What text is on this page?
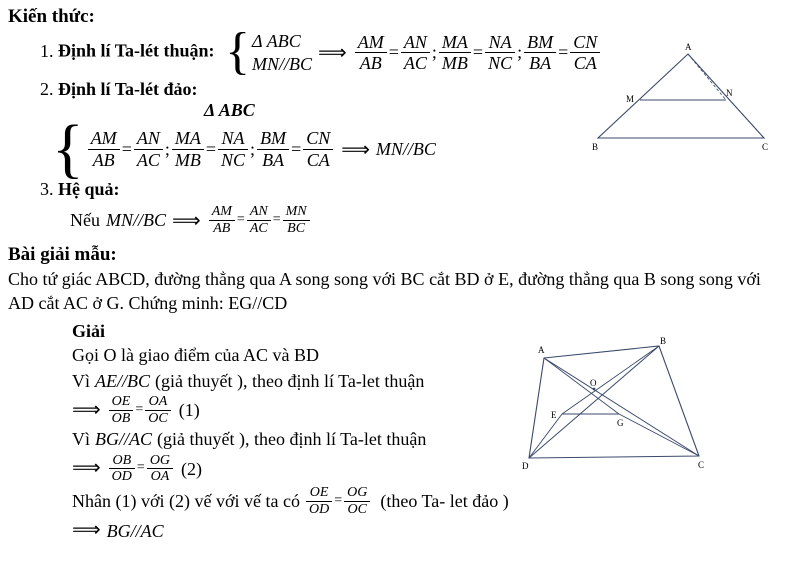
Kiến thức:
1. Định lí Ta-lét thuận: { Δ ABC
MN//BC ⟹ $\frac{AM}{AB} = \frac{AN}{AC}$ ; $\frac{MA}{MB} = \frac{NA}{NC}$ ; $\frac{BM}{BA} = \frac{CN}{CA}$
2. Định lí Ta-lét đảo:
Δ ABC
{ $\frac{AM}{AB} = \frac{AN}{AC}$ ; $\frac{MA}{MB} = \frac{NA}{NC}$ ; $\frac{BM}{BA} = \frac{CN}{CA}$ ⟹ MN//BC
3. Hệ quả:
Nếu MN//BC ⟹ $\frac{AM}{AB} = \frac{AN}{AC} = \frac{MN}{BC}$
Bài giải mẫu:
Cho tứ giác ABCD, đường thẳng qua A song song với BC cắt BD ở E, đường thẳng qua B song song với AD cắt AC ở G. Chứng minh: EG//CD
Giải
Gọi O là giao điểm của AC và BD
Vì AE//BC (giả thuyết ), theo định lí Ta-let thuận
⟹ $\frac{OE}{OB} = \frac{OA}{OC} (1)$
Vì BG//AC (giả thuyết ), theo định lí Ta-let thuận
⟹ $\frac{OB}{OD} = \frac{OG}{OA} (2)$
Nhân (1) với (2) vế với vế ta có $\frac{OE}{OD} = \frac{OG}{OC}$ (theo Ta- let đảo )
⟹ BG//AC
A
B	C
M
N
A
B
C
D
E
G
O
